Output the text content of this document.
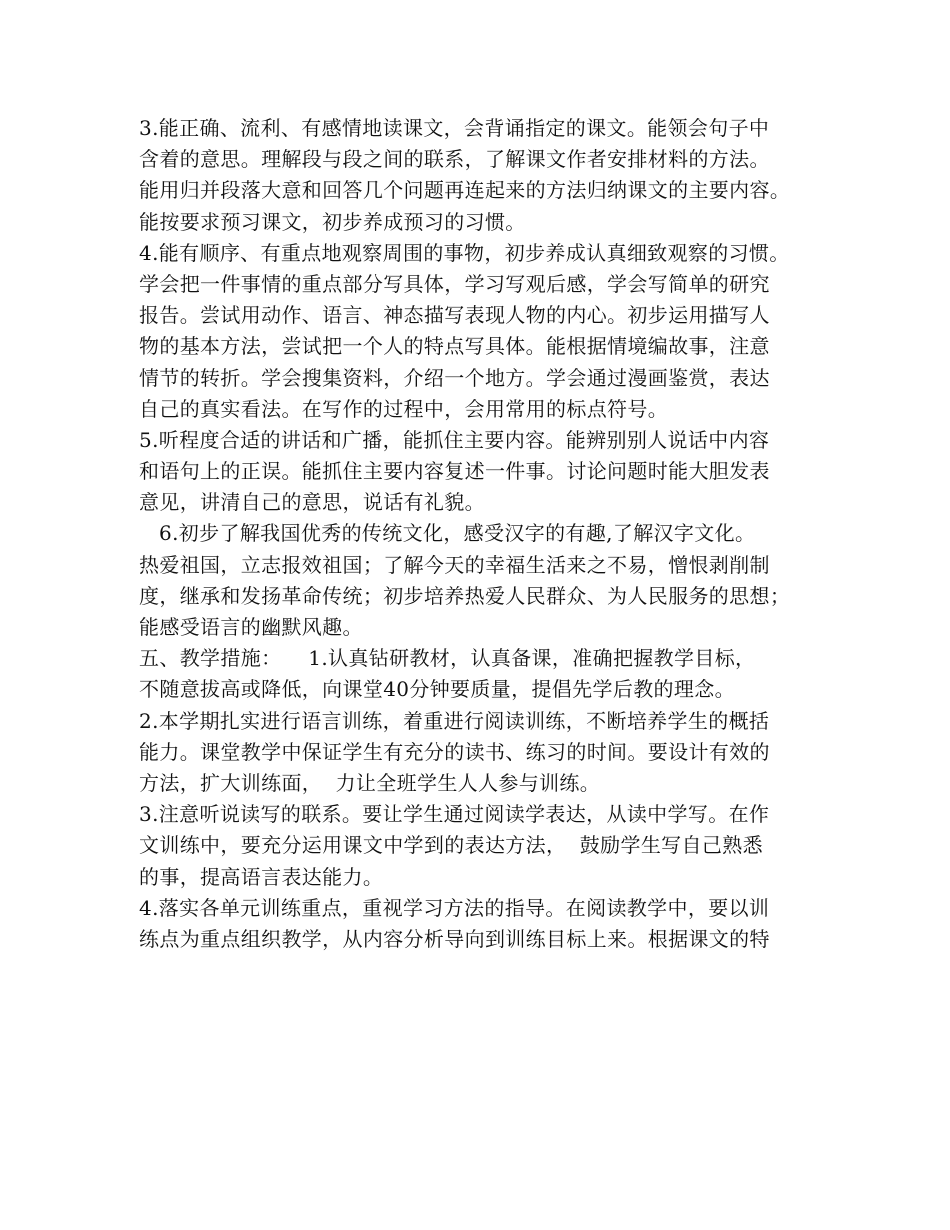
3.能正确、流利、有感情地读课文，会背诵指定的课文。能领会句子中
含着的意思。理解段与段之间的联系，了解课文作者安排材料的方法。
能用归并段落大意和回答几个问题再连起来的方法归纳课文的主要内容。
能按要求预习课文，初步养成预习的习惯。
4.能有顺序、有重点地观察周围的事物，初步养成认真细致观察的习惯。
学会把一件事情的重点部分写具体，学习写观后感，学会写简单的研究
报告。尝试用动作、语言、神态描写表现人物的内心。初步运用描写人
物的基本方法，尝试把一个人的特点写具体。能根据情境编故事，注意
情节的转折。学会搜集资料，介绍一个地方。学会通过漫画鉴赏，表达
自己的真实看法。在写作的过程中，会用常用的标点符号。
5.听程度合适的讲话和广播，能抓住主要内容。能辨别别人说话中内容
和语句上的正误。能抓住主要内容复述一件事。讨论问题时能大胆发表
意见，讲清自己的意思，说话有礼貌。
6.初步了解我国优秀的传统文化，感受汉字的有趣,了解汉字文化。
热爱祖国，立志报效祖国；了解今天的幸福生活来之不易，憎恨剥削制
度，继承和发扬革命传统；初步培养热爱人民群众、为人民服务的思想；
能感受语言的幽默风趣。
五、教学措施：    1.认真钻研教材，认真备课，准确把握教学目标，
不随意拔高或降低，向课堂40分钟要质量，提倡先学后教的理念。
2.本学期扎实进行语言训练，着重进行阅读训练，不断培养学生的概括
能力。课堂教学中保证学生有充分的读书、练习的时间。要设计有效的
方法，扩大训练面，  力让全班学生人人参与训练。
3.注意听说读写的联系。要让学生通过阅读学表达，从读中学写。在作
文训练中，要充分运用课文中学到的表达方法，  鼓励学生写自己熟悉
的事，提高语言表达能力。
4.落实各单元训练重点，重视学习方法的指导。在阅读教学中，要以训
练点为重点组织教学，从内容分析导向到训练目标上来。根据课文的特
